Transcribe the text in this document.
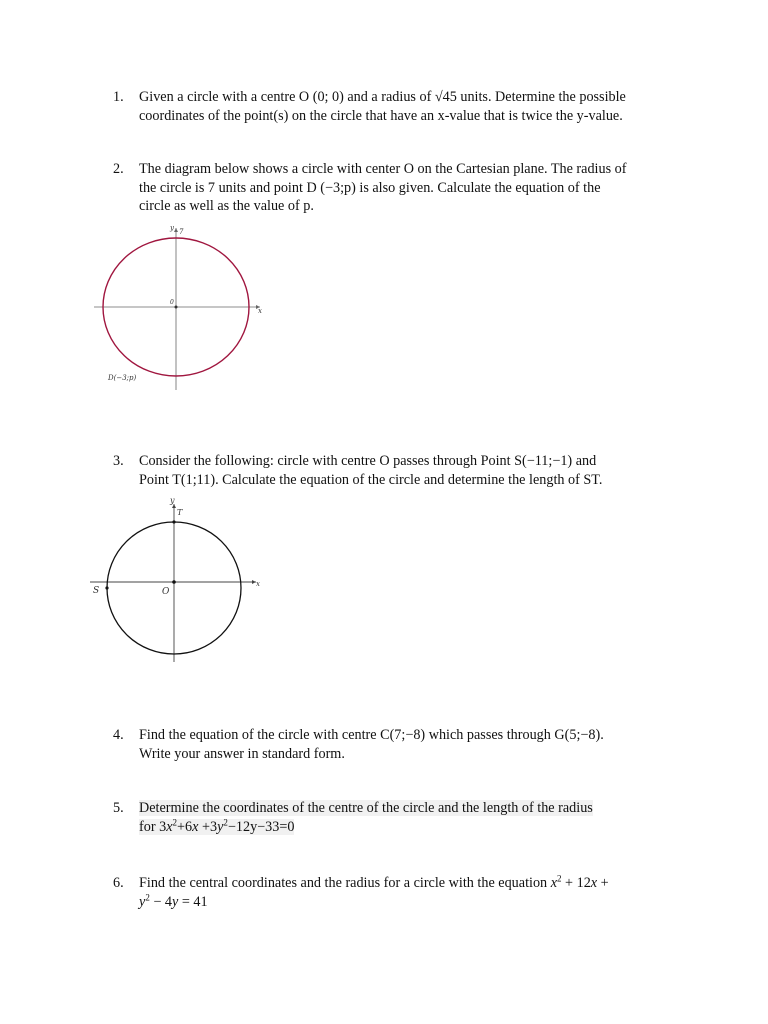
1.	Given a circle with a centre O (0; 0) and a radius of √45 units. Determine the possible
coordinates of the point(s) on the circle that have an x-value that is twice the y-value.
2.	The diagram below shows a circle with center O on the Cartesian plane. The radius of
the circle is 7 units and point D (−3;p) is also given. Calculate the equation of the
circle as well as the value of p.
y 7
x
0
D(−3;p)
3.	Consider the following: circle with centre O passes through Point S(−11;−1) and
Point T(1;11). Calculate the equation of the circle and determine the length of ST.
y
T
x
O
S
4.	Find the equation of the circle with centre C(7;−8) which passes through G(5;−8).
Write your answer in standard form.
5.	Determine the coordinates of the centre of the circle and the length of the radius
for $3x^2+6x +3y^2-12y-33=0$
6.	Find the central coordinates and the radius for a circle with the equation $x^2 + 12x$ +
$y^2 - 4y = 41$
